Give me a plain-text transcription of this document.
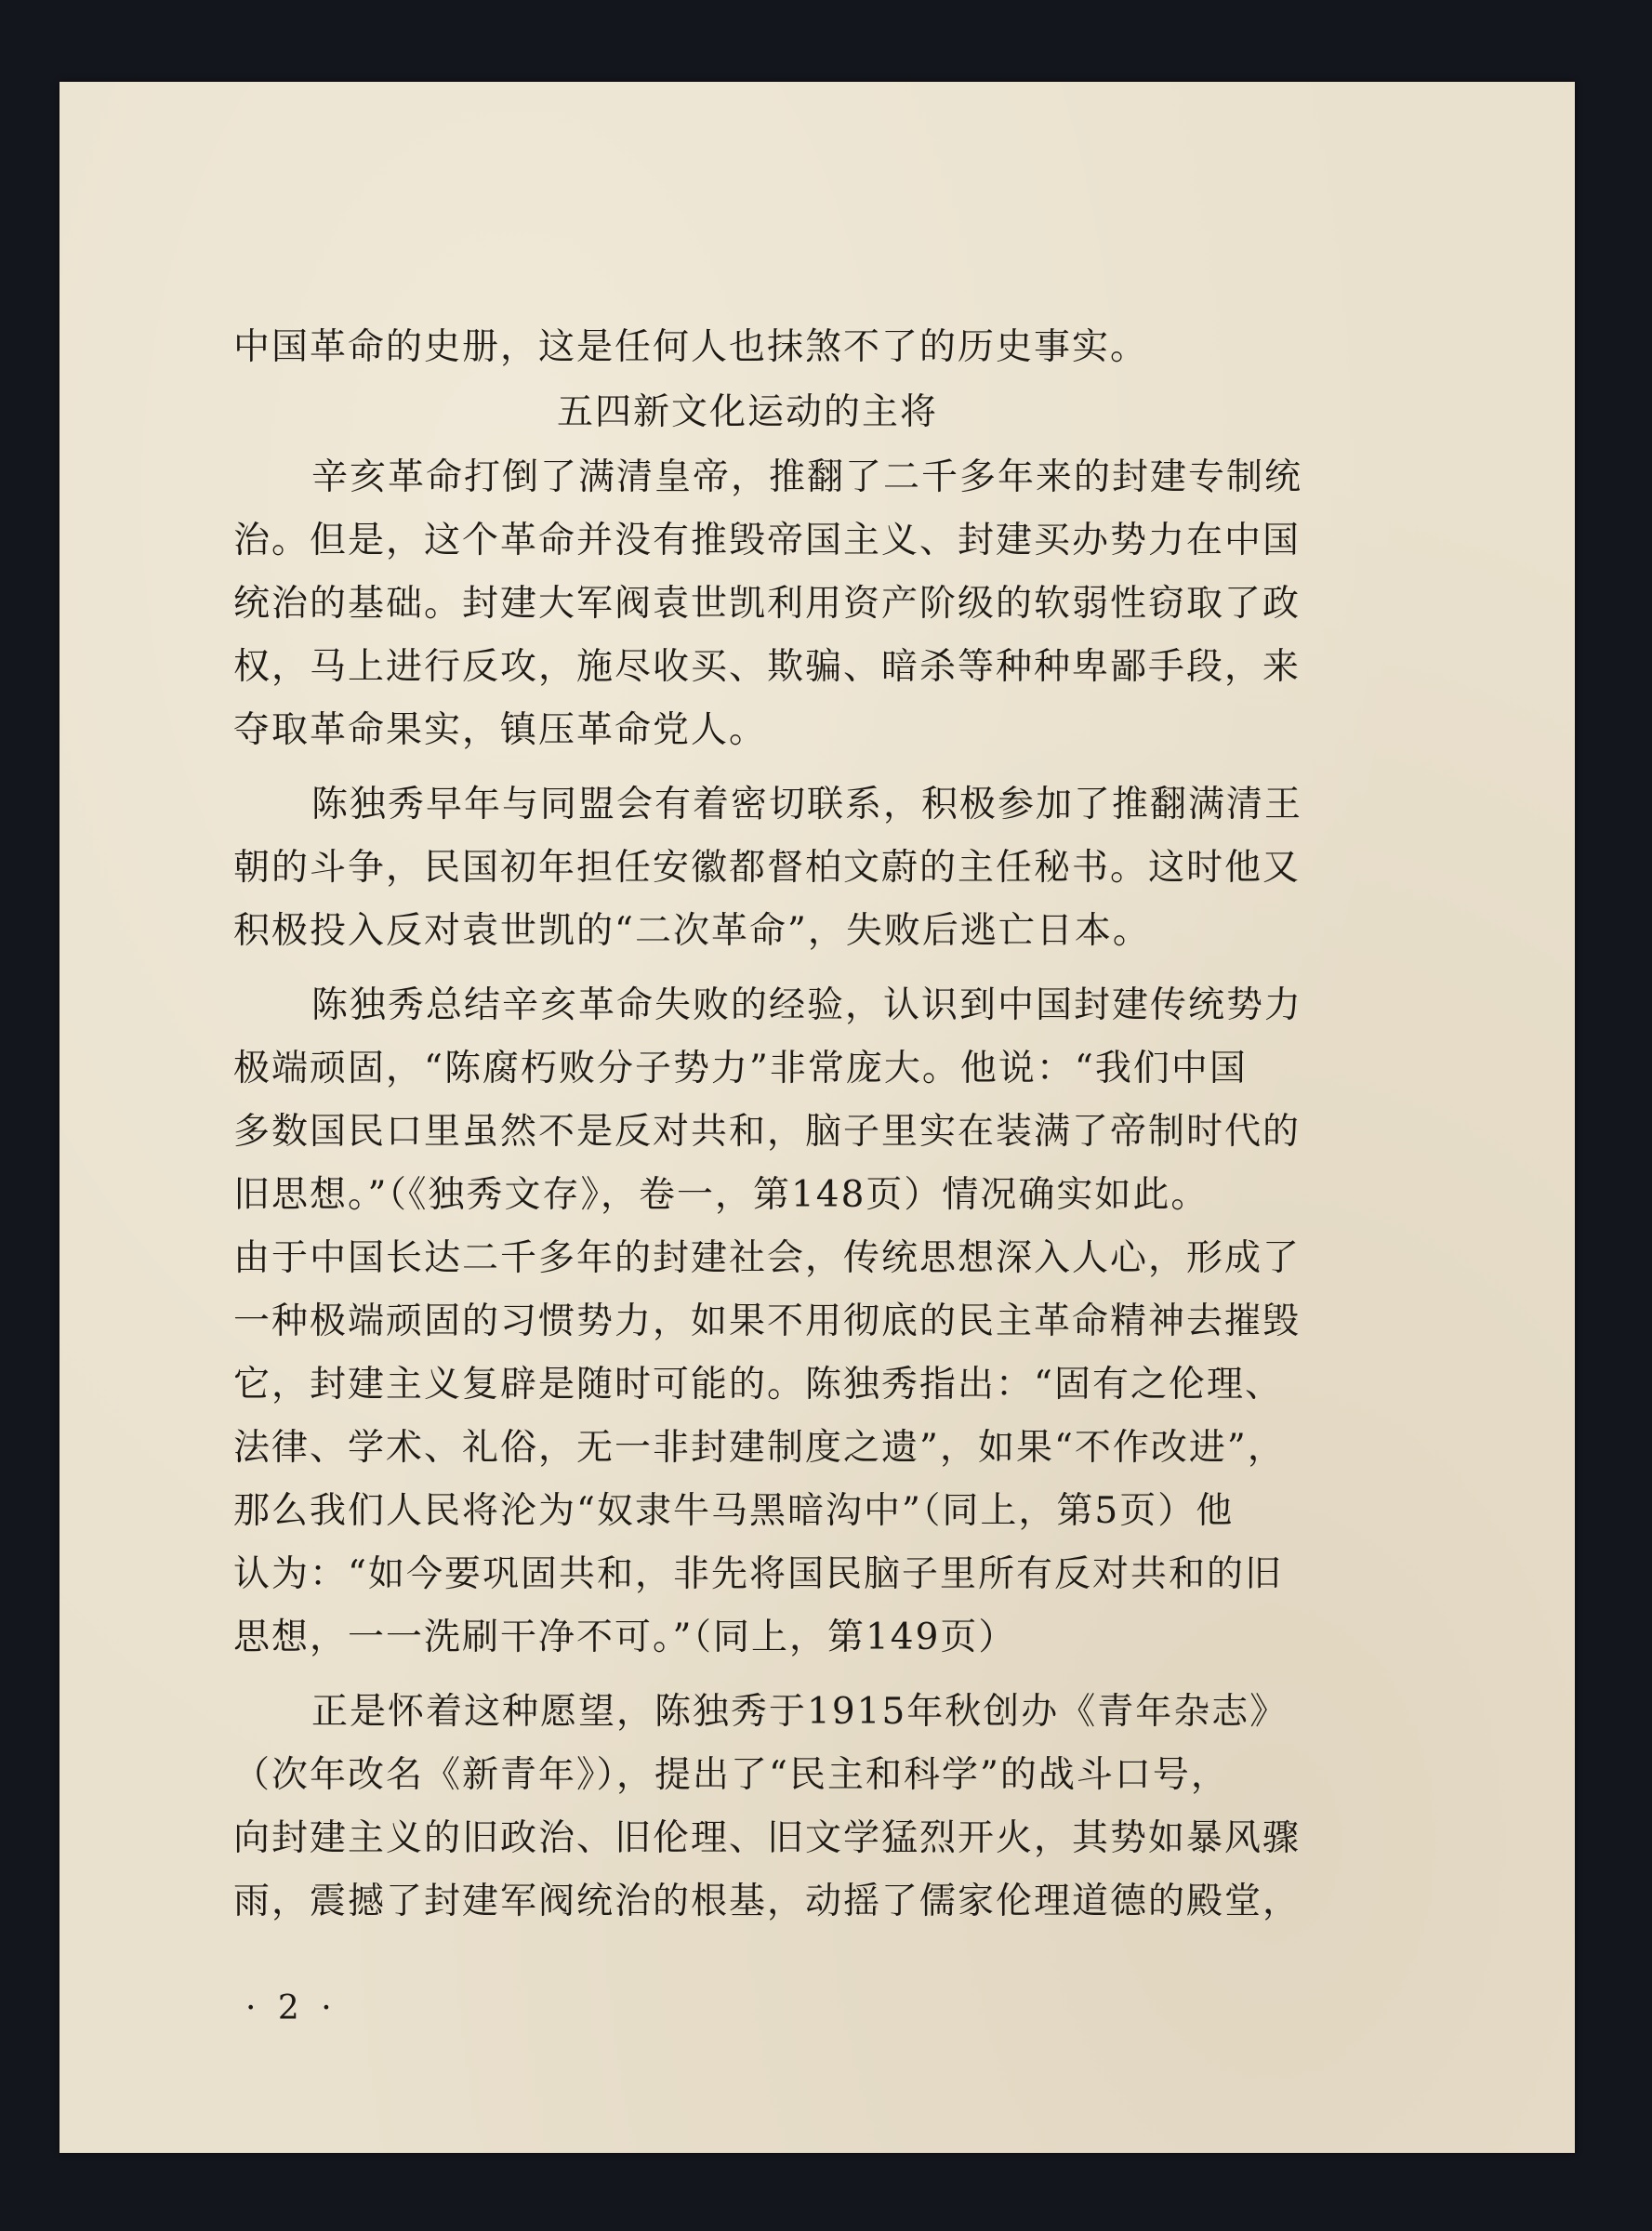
中国革命的史册，这是任何人也抹煞不了的历史事实。
五四新文化运动的主将
辛亥革命打倒了满清皇帝，推翻了二千多年来的封建专制统
治。但是，这个革命并没有推毁帝国主义、封建买办势力在中国
统治的基础。封建大军阀袁世凯利用资产阶级的软弱性窃取了政
权，马上进行反攻，施尽收买、欺骗、暗杀等种种卑鄙手段，来
夺取革命果实，镇压革命党人。
陈独秀早年与同盟会有着密切联系，积极参加了推翻满清王
朝的斗争，民国初年担任安徽都督柏文蔚的主任秘书。这时他又
积极投入反对袁世凯的“二次革命”，失败后逃亡日本。
陈独秀总结辛亥革命失败的经验，认识到中国封建传统势力
极端顽固，“陈腐朽败分子势力”非常庞大。他说：“我们中国
多数国民口里虽然不是反对共和，脑子里实在装满了帝制时代的
旧思想。”（《独秀文存》，卷一，第148页）情况确实如此。
由于中国长达二千多年的封建社会，传统思想深入人心，形成了
一种极端顽固的习惯势力，如果不用彻底的民主革命精神去摧毁
它，封建主义复辟是随时可能的。陈独秀指出：“固有之伦理、
法律、学术、礼俗，无一非封建制度之遗”，如果“不作改进”，
那么我们人民将沦为“奴隶牛马黑暗沟中”（同上，第5页）他
认为：“如今要巩固共和，非先将国民脑子里所有反对共和的旧
思想，一一洗刷干净不可。”（同上，第149页）
正是怀着这种愿望，陈独秀于1915年秋创办《青年杂志》
（次年改名《新青年》），提出了“民主和科学”的战斗口号，
向封建主义的旧政治、旧伦理、旧文学猛烈开火，其势如暴风骤
雨，震撼了封建军阀统治的根基，动摇了儒家伦理道德的殿堂，
· 2 ·
